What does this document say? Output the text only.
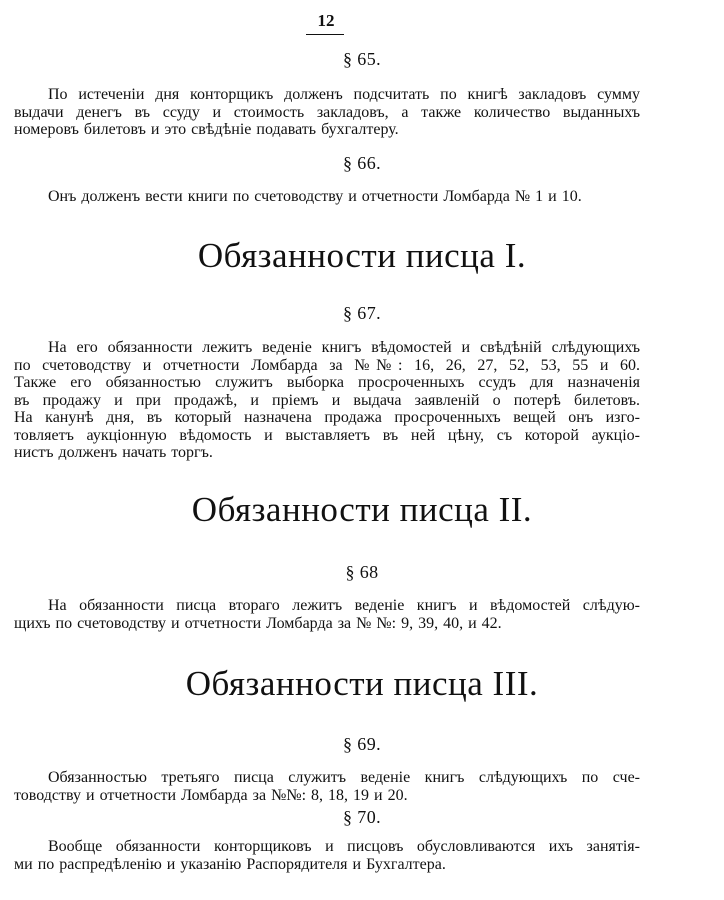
12
§ 65.

По истеченіи дня конторщикъ долженъ подсчитать по книгѣ закладовъ сумму
выдачи денегъ въ ссуду и стоимость закладовъ, а также количество выданныхъ
номеровъ билетовъ и это свѣдѣніе подавать бухгалтеру.

§ 66.

Онъ долженъ вести книги по счетоводству и отчетности Ломбарда № 1 и 10.

Обязанности писца I.
§ 67.

На его обязанности лежитъ веденіе книгъ вѣдомостей и свѣдѣній слѣдующихъ
по счетоводству и отчетности Ломбарда за №№: 16, 26, 27, 52, 53, 55 и 60.
Также его обязанностью служитъ выборка просроченныхъ ссудъ для назначенія
въ продажу и при продажѣ, и пріемъ и выдача заявленій о потерѣ билетовъ.
На канунѣ дня, въ который назначена продажа просроченныхъ вещей онъ изго-
товляетъ аукціонную вѣдомость и выставляетъ въ ней цѣну, съ которой аукціо-
нистъ долженъ начать торгъ.

Обязанности писца II.
§ 68

На обязанности писца втораго лежитъ веденіе книгъ и вѣдомостей слѣдую-
щихъ по счетоводству и отчетности Ломбарда за № №: 9, 39, 40, и 42.

Обязанности писца III.
§ 69.

Обязанностью третьяго писца служитъ веденіе книгъ слѣдующихъ по сче-
товодству и отчетности Ломбарда за №№: 8, 18, 19 и 20.

§ 70.

Вообще обязанности конторщиковъ и писцовъ обусловливаются ихъ занятія-
ми по распредѣленію и указанію Распорядителя и Бухгалтера.
